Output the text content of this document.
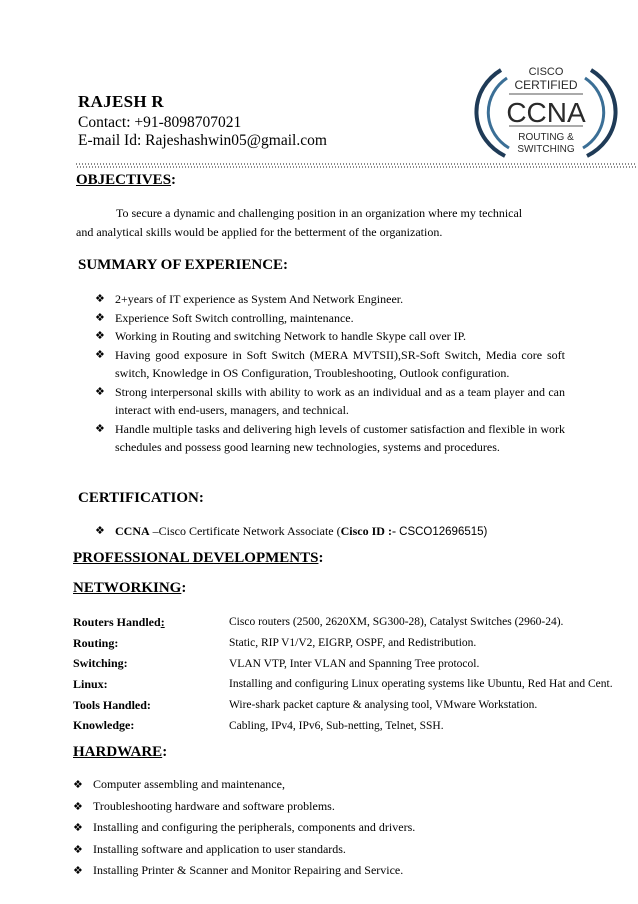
RAJESH R
Contact: +91-8098707021
E-mail Id: Rajeshashwin05@gmail.com
CISCO
CERTIFIED
CCNA
ROUTING &
SWITCHING
OBJECTIVES:
To secure a dynamic and challenging position in an organization where my technical
and analytical skills would be applied for the betterment of the organization.
SUMMARY OF EXPERIENCE:
❖ 2+years of IT experience as System And Network Engineer.
❖ Experience Soft Switch controlling, maintenance.
❖ Working in Routing and switching Network to handle Skype call over IP.
❖ Having good exposure in Soft Switch (MERA MVTSII),SR-Soft Switch, Media core soft switch, Knowledge in OS Configuration, Troubleshooting, Outlook configuration.
❖ Strong interpersonal skills with ability to work as an individual and as a team player and can interact with end-users, managers, and technical.
❖ Handle multiple tasks and delivering high levels of customer satisfaction and flexible in work schedules and possess good learning new technologies, systems and procedures.
CERTIFICATION:
❖ CCNA –Cisco Certificate Network Associate (Cisco ID :- CSCO12696515)
PROFESSIONAL DEVELOPMENTS:
NETWORKING:
Routers Handled:	Cisco routers (2500, 2620XM, SG300-28), Catalyst Switches (2960-24).
Routing:	Static, RIP V1/V2, EIGRP, OSPF, and Redistribution.
Switching:	VLAN VTP, Inter VLAN and Spanning Tree protocol.
Linux:	Installing and configuring Linux operating systems like Ubuntu, Red Hat and Cent.
Tools Handled:	Wire-shark packet capture & analysing tool, VMware Workstation.
Knowledge:	Cabling, IPv4, IPv6, Sub-netting, Telnet, SSH.
HARDWARE:
❖ Computer assembling and maintenance,
❖ Troubleshooting hardware and software problems.
❖ Installing and configuring the peripherals, components and drivers.
❖ Installing software and application to user standards.
❖ Installing Printer & Scanner and Monitor Repairing and Service.
